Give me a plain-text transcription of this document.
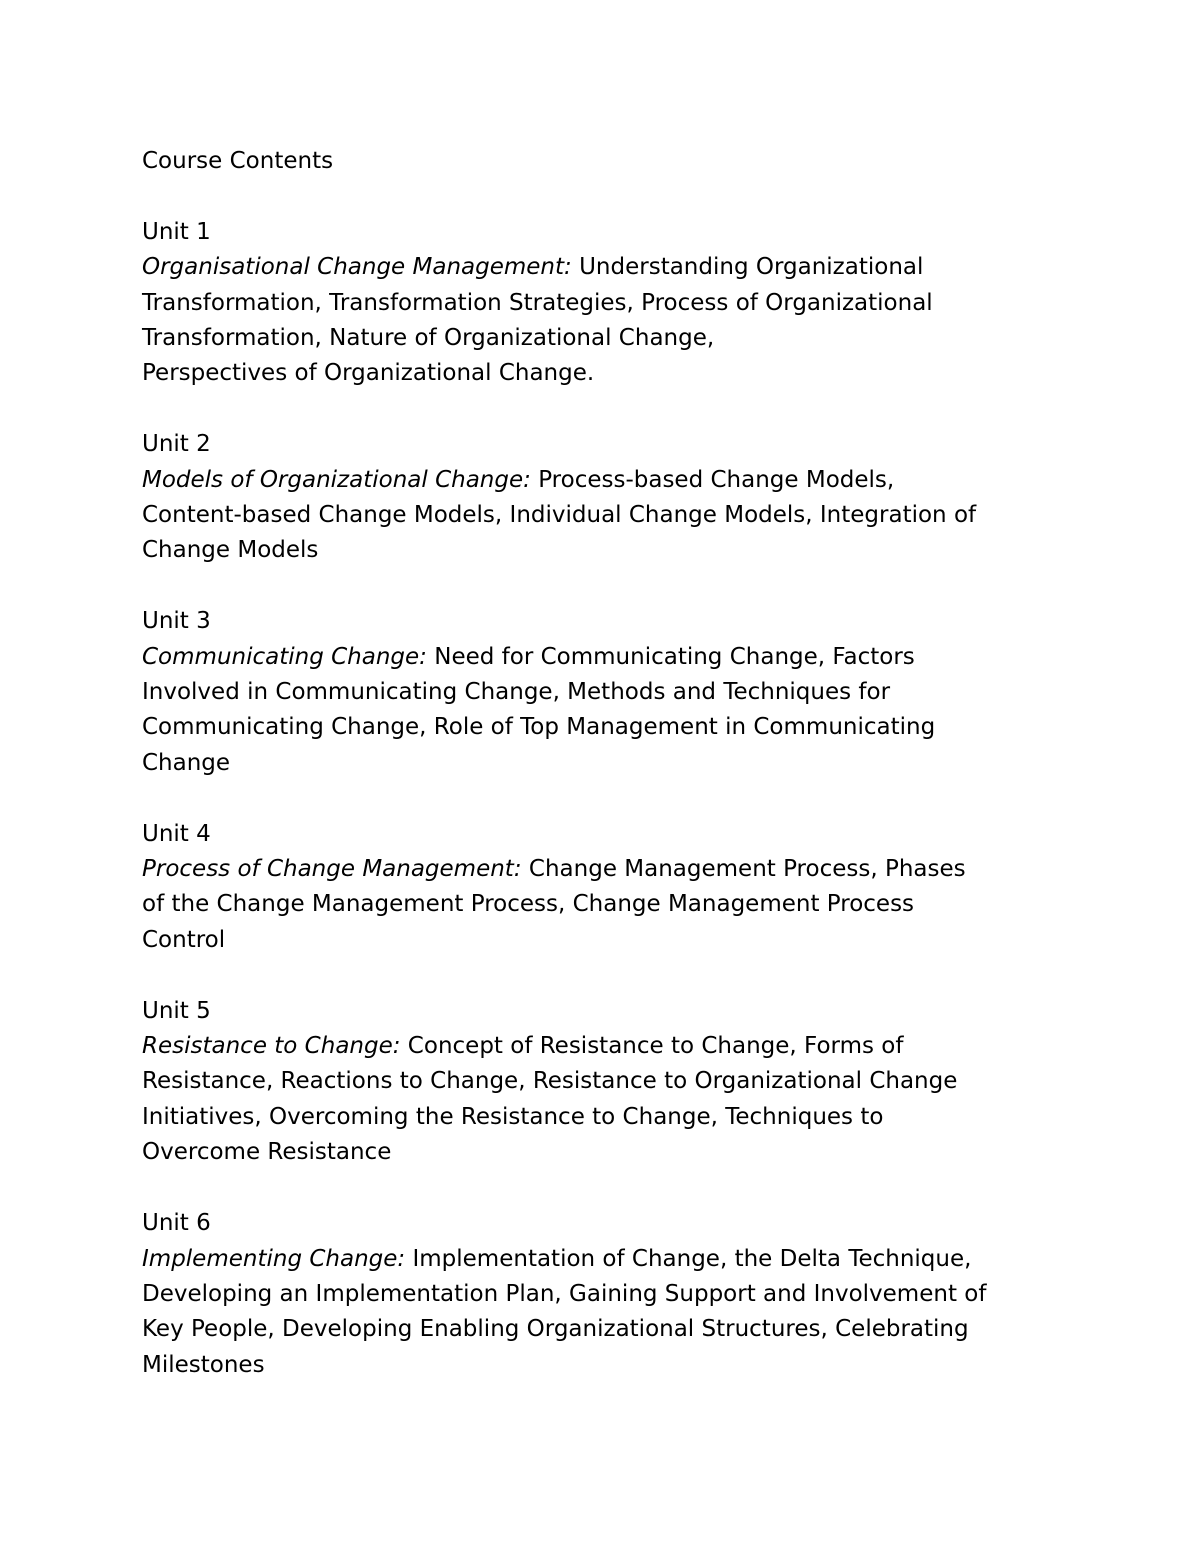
Course Contents
Unit 1

Organisational Change Management: Understanding Organizational
Transformation, Transformation Strategies, Process of Organizational
Transformation, Nature of Organizational Change,
Perspectives of Organizational Change.

Unit 2

Models of Organizational Change: Process-based Change Models,
Content-based Change Models, Individual Change Models, Integration of
Change Models

Unit 3

Communicating Change: Need for Communicating Change, Factors
Involved in Communicating Change, Methods and Techniques for
Communicating Change, Role of Top Management in Communicating
Change

Unit 4

Process of Change Management: Change Management Process, Phases
of the Change Management Process, Change Management Process
Control

Unit 5

Resistance to Change: Concept of Resistance to Change, Forms of
Resistance, Reactions to Change, Resistance to Organizational Change
Initiatives, Overcoming the Resistance to Change, Techniques to
Overcome Resistance

Unit 6

Implementing Change: Implementation of Change, the Delta Technique,
Developing an Implementation Plan, Gaining Support and Involvement of
Key People, Developing Enabling Organizational Structures, Celebrating
Milestones
